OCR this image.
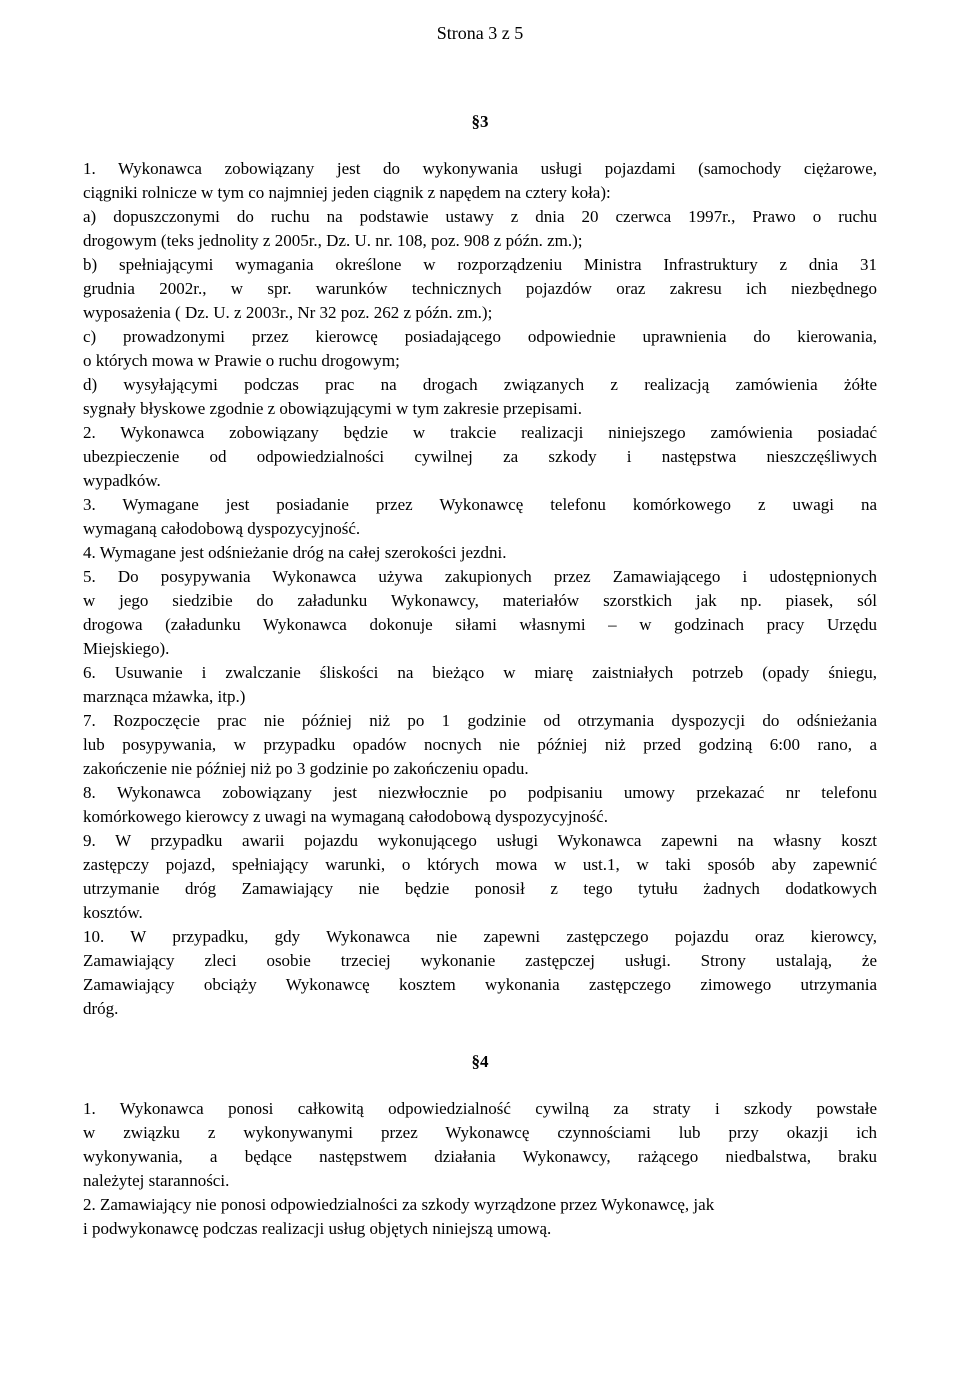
Strona 3 z 5
§3
1. Wykonawca zobowiązany jest do wykonywania usługi pojazdami (samochody ciężarowe,
ciągniki rolnicze w tym co najmniej jeden ciągnik z napędem na cztery koła):
a) dopuszczonymi do ruchu na podstawie ustawy z dnia 20 czerwca 1997r., Prawo o ruchu
drogowym (teks jednolity z 2005r., Dz. U. nr. 108, poz. 908 z późn. zm.);
b) spełniającymi wymagania określone w rozporządzeniu Ministra Infrastruktury z dnia 31
grudnia 2002r., w spr. warunków technicznych pojazdów oraz zakresu ich niezbędnego
wyposażenia ( Dz. U. z 2003r., Nr 32 poz. 262 z późn. zm.);
c) prowadzonymi przez kierowcę posiadającego odpowiednie uprawnienia do kierowania,
o których mowa w Prawie o ruchu drogowym;
d) wysyłającymi podczas prac na drogach związanych z realizacją zamówienia żółte
sygnały błyskowe zgodnie z obowiązującymi w tym zakresie przepisami.
2. Wykonawca zobowiązany będzie w trakcie realizacji niniejszego zamówienia posiadać
ubezpieczenie od odpowiedzialności cywilnej za szkody i następstwa nieszczęśliwych
wypadków.
3. Wymagane jest posiadanie przez Wykonawcę telefonu komórkowego z uwagi na
wymaganą całodobową dyspozycyjność.
4. Wymagane jest odśnieżanie dróg na całej szerokości jezdni.
5. Do posypywania Wykonawca używa zakupionych przez Zamawiającego i udostępnionych
w jego siedzibie do załadunku Wykonawcy, materiałów szorstkich jak np. piasek, sól
drogowa (załadunku Wykonawca dokonuje siłami własnymi – w godzinach pracy Urzędu
Miejskiego).
6. Usuwanie i zwalczanie śliskości na bieżąco w miarę zaistniałych potrzeb (opady śniegu,
marznąca mżawka, itp.)
7. Rozpoczęcie prac nie później niż po 1 godzinie od otrzymania dyspozycji do odśnieżania
lub posypywania, w przypadku opadów nocnych nie później niż przed godziną 6:00 rano, a
zakończenie nie później niż po 3 godzinie po zakończeniu opadu.
8. Wykonawca zobowiązany jest niezwłocznie po podpisaniu umowy przekazać nr telefonu
komórkowego kierowcy z uwagi na wymaganą całodobową dyspozycyjność.
9. W przypadku awarii pojazdu wykonującego usługi Wykonawca zapewni na własny koszt
zastępczy pojazd, spełniający warunki, o których mowa w ust.1, w taki sposób aby zapewnić
utrzymanie dróg Zamawiający nie będzie ponosił z tego tytułu żadnych dodatkowych
kosztów.
10. W przypadku, gdy Wykonawca nie zapewni zastępczego pojazdu oraz kierowcy,
Zamawiający zleci osobie trzeciej wykonanie zastępczej usługi. Strony ustalają, że
Zamawiający obciąży Wykonawcę kosztem wykonania zastępczego zimowego utrzymania
dróg.
§4
1. Wykonawca ponosi całkowitą odpowiedzialność cywilną za straty i szkody powstałe
w związku z wykonywanymi przez Wykonawcę czynnościami lub przy okazji ich
wykonywania, a będące następstwem działania Wykonawcy, rażącego niedbalstwa, braku
należytej staranności.
2. Zamawiający nie ponosi odpowiedzialności za szkody wyrządzone przez Wykonawcę, jak
i podwykonawcę podczas realizacji usług objętych niniejszą umową.
